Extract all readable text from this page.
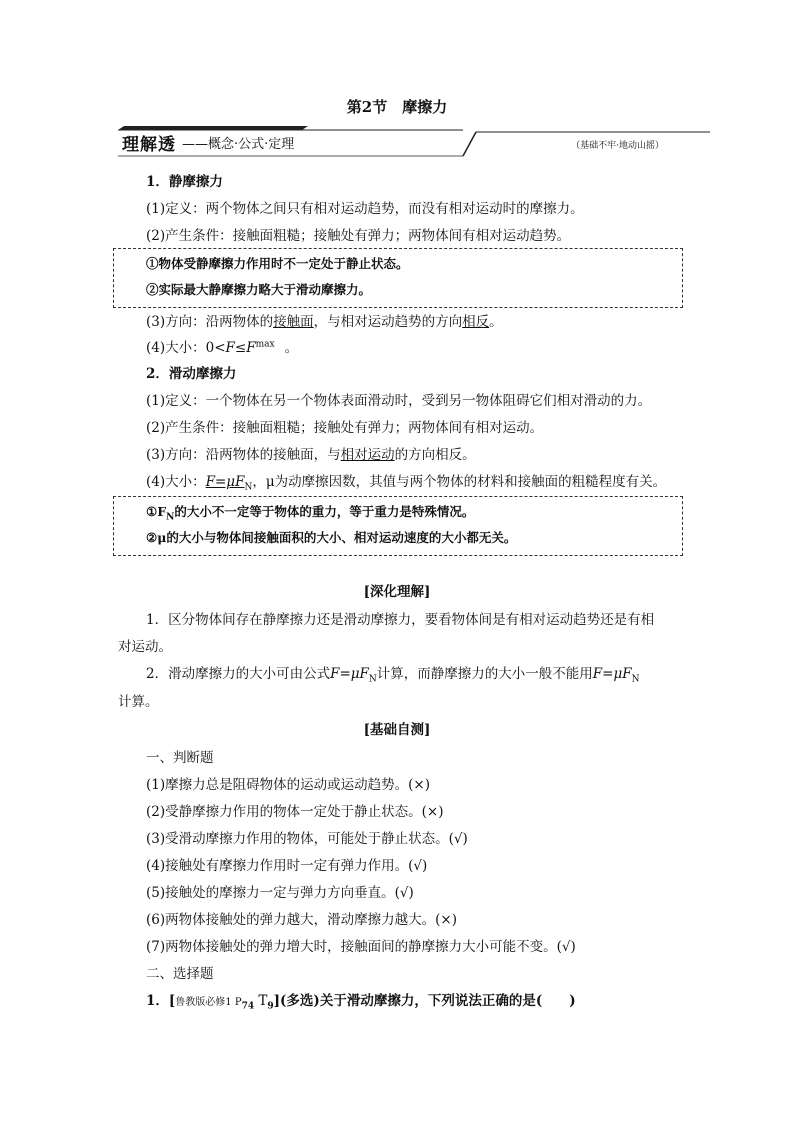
第2节　摩擦力
理解透 ——概念·公式·定理	（基础不牢·地动山摇）
1．静摩擦力
(1)定义：两个物体之间只有相对运动趋势，而没有相对运动时的摩擦力。
(2)产生条件：接触面粗糙；接触处有弹力；两物体间有相对运动趋势。
①物体受静摩擦力作用时不一定处于静止状态。
②实际最大静摩擦力略大于滑动摩擦力。
(3)方向：沿两物体的接触面，与相对运动趋势的方向相反。
(4)大小：$0<F\le F^{max}$ 。
2．滑动摩擦力
(1)定义：一个物体在另一个物体表面滑动时，受到另一物体阻碍它们相对滑动的力。
(2)产生条件：接触面粗糙；接触处有弹力；两物体间有相对运动。
(3)方向：沿两物体的接触面，与相对运动的方向相反。
(4)大小：$F=\mu F_N$，μ为动摩擦因数，其值与两个物体的材料和接触面的粗糙程度有关。
$①F_N$的大小不一定等于物体的重力，等于重力是特殊情况。
②μ的大小与物体间接触面积的大小、相对运动速度的大小都无关。
[深化理解]
1．区分物体间存在静摩擦力还是滑动摩擦力，要看物体间是有相对运动趋势还是有相
对运动。
2．滑动摩擦力的大小可由公式$F=\mu F_N$计算，而静摩擦力的大小一般不能用$F=\mu F_N$
计算。
[基础自测]
一、判断题
(1)摩擦力总是阻碍物体的运动或运动趋势。(×)
(2)受静摩擦力作用的物体一定处于静止状态。(×)
(3)受滑动摩擦力作用的物体，可能处于静止状态。(√)
(4)接触处有摩擦力作用时一定有弹力作用。(√)
(5)接触处的摩擦力一定与弹力方向垂直。(√)
(6)两物体接触处的弹力越大，滑动摩擦力越大。(×)
(7)两物体接触处的弹力增大时，接触面间的静摩擦力大小可能不变。(√)
二、选择题
1．[鲁教版必修1 $P_{74}$ $T_9$](多选)关于滑动摩擦力，下列说法正确的是(　　)
